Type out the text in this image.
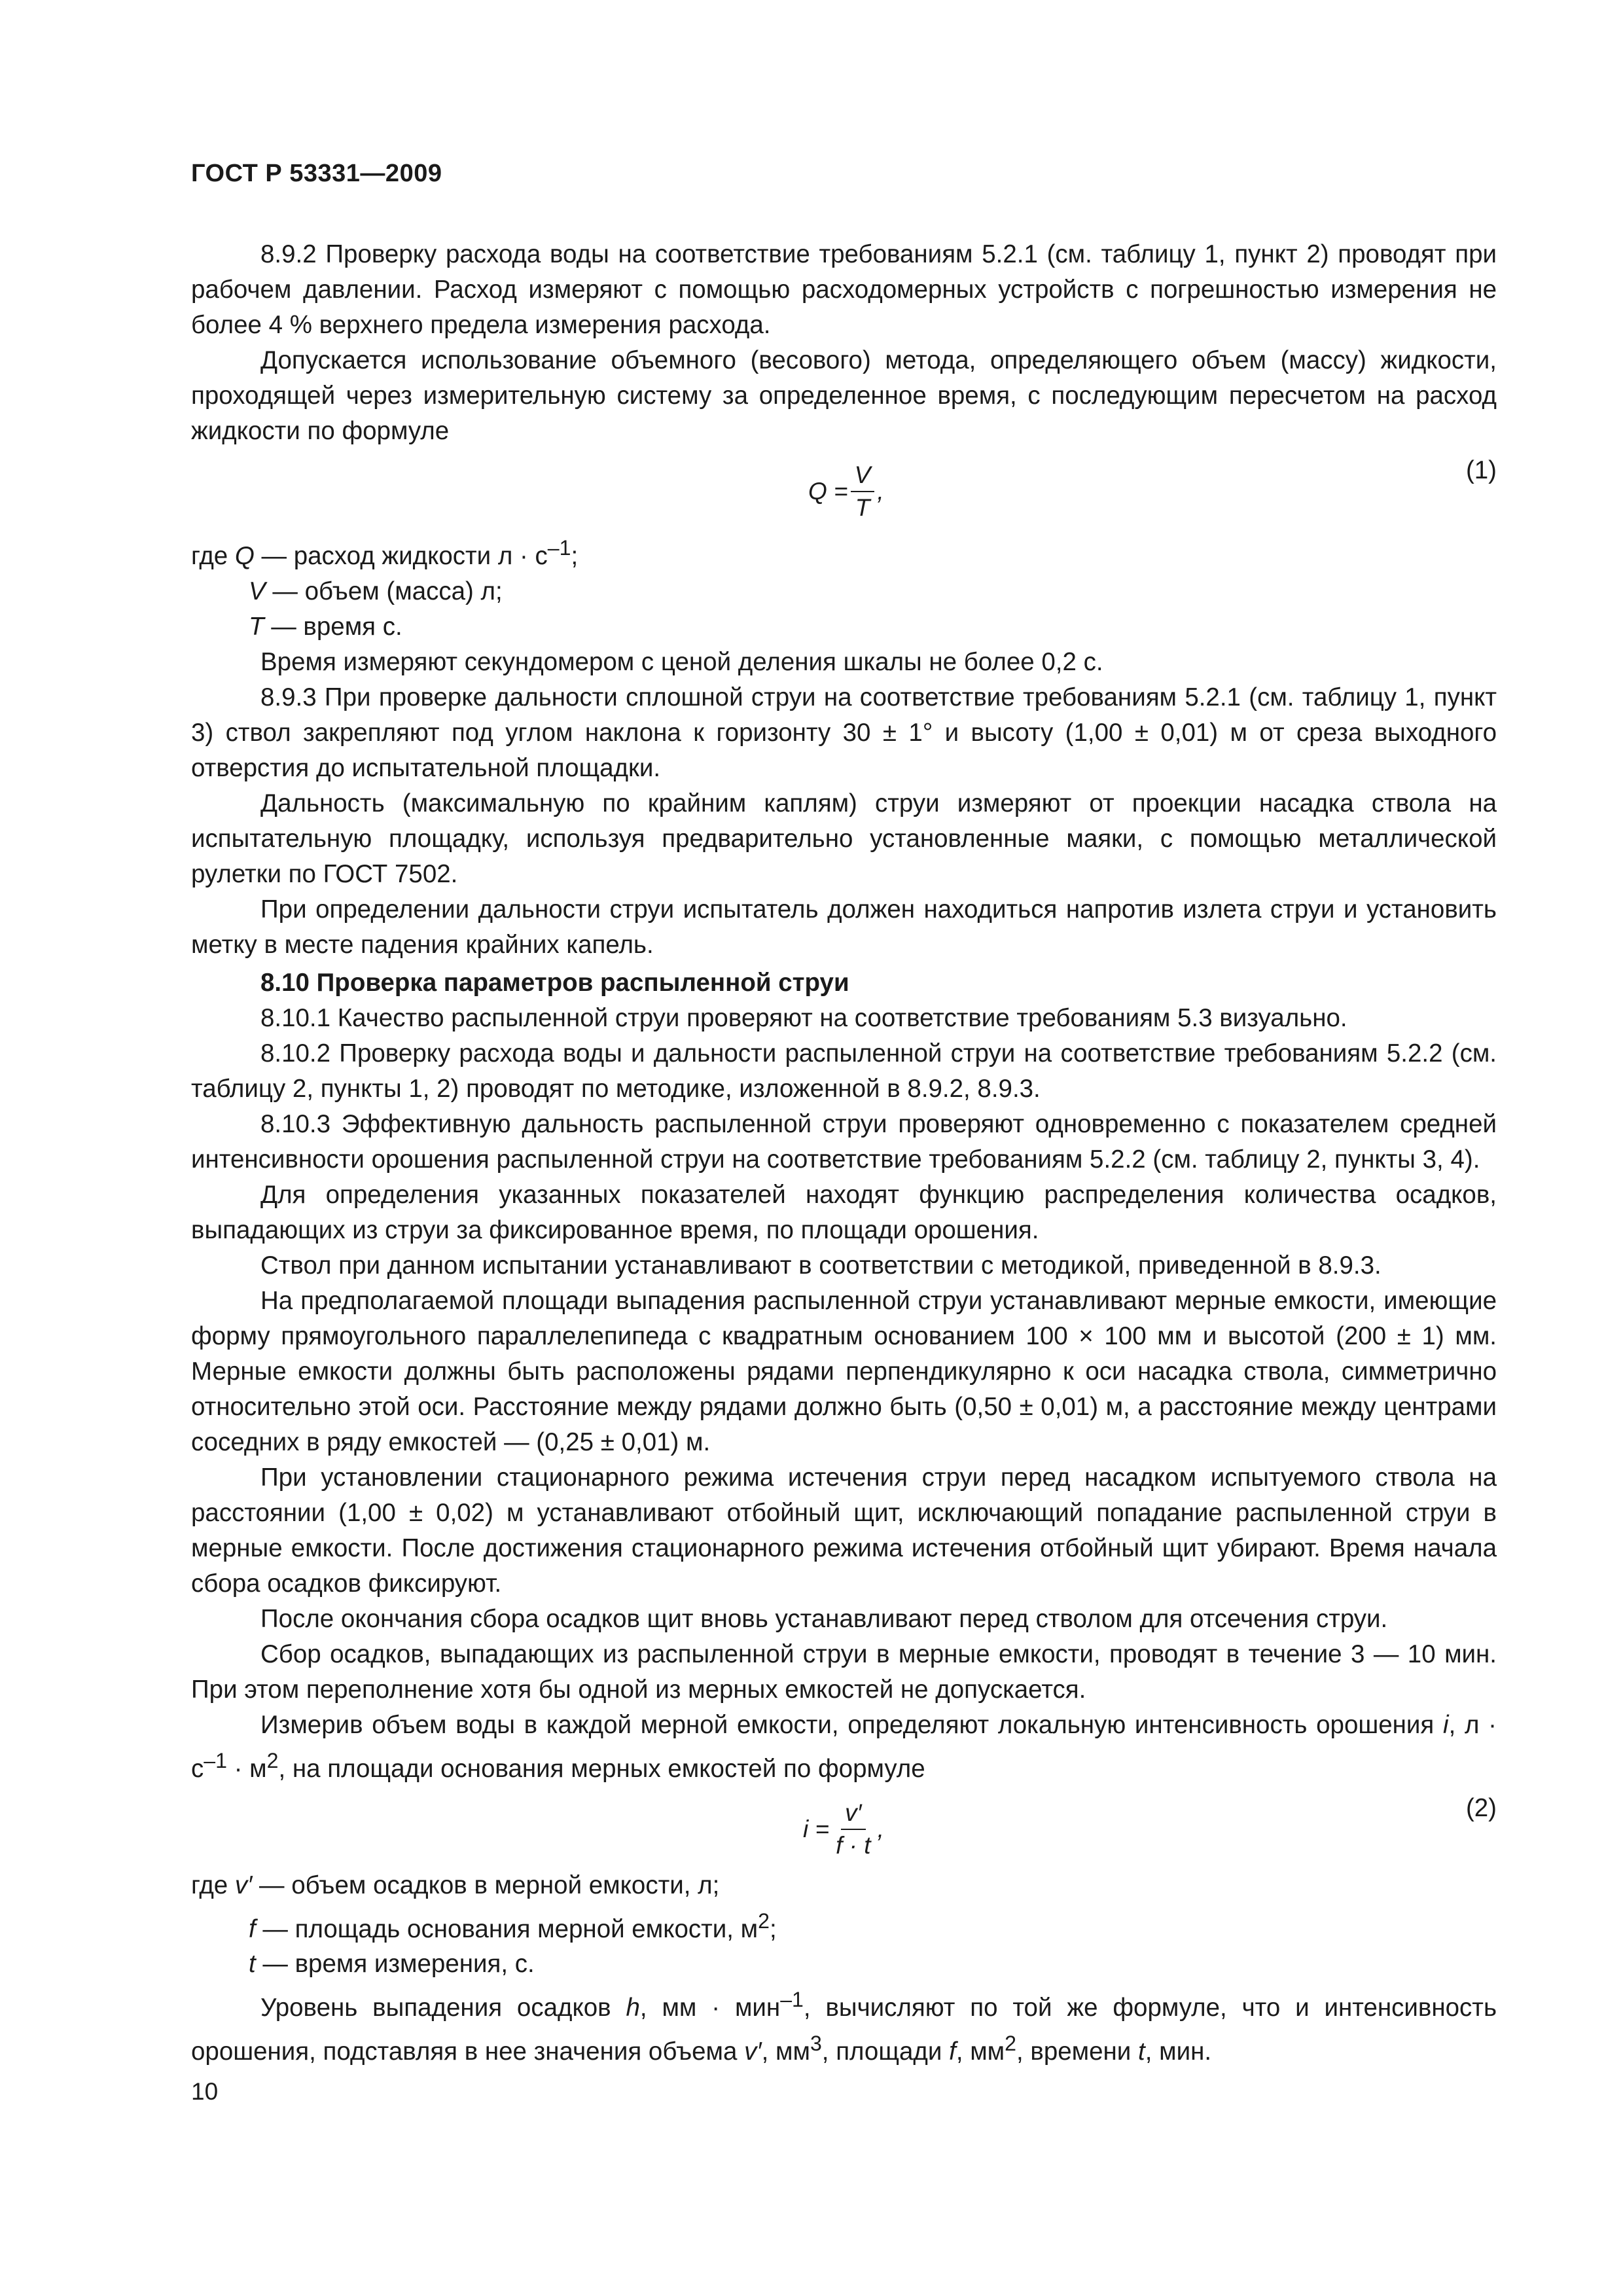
ГОСТ Р 53331—2009

8.9.2 Проверку расхода воды на соответствие требованиям 5.2.1 (см. таблицу 1, пункт 2) проводят при рабочем давлении. Расход измеряют с помощью расходомерных устройств с погрешностью измерения не более 4 % верхнего предела измерения расхода.

Допускается использование объемного (весового) метода, определяющего объем (массу) жидкости, проходящей через измерительную систему за определенное время, с последующим пересчетом на расход жидкости по формуле

$Q = \frac{V}{T}$ ,
(1)

где Q — расход жидкости $л \cdot с^{-1}$;

V — объем (масса) л;

T — время с.

Время измеряют секундомером с ценой деления шкалы не более 0,2 с.

8.9.3 При проверке дальности сплошной струи на соответствие требованиям 5.2.1 (см. таблицу 1, пункт 3) ствол закрепляют под углом наклона к горизонту 30 ± 1° и высоту (1,00 ± 0,01) м от среза выходного отверстия до испытательной площадки.

Дальность (максимальную по крайним каплям) струи измеряют от проекции насадка ствола на испытательную площадку, используя предварительно установленные маяки, с помощью металлической рулетки по ГОСТ 7502.

При определении дальности струи испытатель должен находиться напротив излета струи и установить метку в месте падения крайних капель.

8.10 Проверка параметров распыленной струи

8.10.1 Качество распыленной струи проверяют на соответствие требованиям 5.3 визуально.

8.10.2 Проверку расхода воды и дальности распыленной струи на соответствие требованиям 5.2.2 (см. таблицу 2, пункты 1, 2) проводят по методике, изложенной в 8.9.2, 8.9.3.

8.10.3 Эффективную дальность распыленной струи проверяют одновременно с показателем средней интенсивности орошения распыленной струи на соответствие требованиям 5.2.2 (см. таблицу 2, пункты 3, 4).

Для определения указанных показателей находят функцию распределения количества осадков, выпадающих из струи за фиксированное время, по площади орошения.

Ствол при данном испытании устанавливают в соответствии с методикой, приведенной в 8.9.3.

На предполагаемой площади выпадения распыленной струи устанавливают мерные емкости, имеющие форму прямоугольного параллелепипеда с квадратным основанием 100 × 100 мм и высотой (200 ± 1) мм. Мерные емкости должны быть расположены рядами перпендикулярно к оси насадка ствола, симметрично относительно этой оси. Расстояние между рядами должно быть (0,50 ± 0,01) м, а расстояние между центрами соседних в ряду емкостей — (0,25 ± 0,01) м.

При установлении стационарного режима истечения струи перед насадком испытуемого ствола на расстоянии (1,00 ± 0,02) м устанавливают отбойный щит, исключающий попадание распыленной струи в мерные емкости. После достижения стационарного режима истечения отбойный щит убирают. Время начала сбора осадков фиксируют.

После окончания сбора осадков щит вновь устанавливают перед стволом для отсечения струи.

Сбор осадков, выпадающих из распыленной струи в мерные емкости, проводят в течение 3 — 10 мин. При этом переполнение хотя бы одной из мерных емкостей не допускается.

Измерив объем воды в каждой мерной емкости, определяют локальную интенсивность орошения i, $л \cdot с^{-1} \cdot м^2$, на площади основания мерных емкостей по формуле

$i = \frac{v'}{f \cdot t}$ ,
(2)

где v′ — объем осадков в мерной емкости, л;

f — площадь основания мерной емкости, $м^2$;

t — время измерения, с.

Уровень выпадения осадков h, мм · мин$^{-1}$, вычисляют по той же формуле, что и интенсивность орошения, подставляя в нее значения объема v′, $мм^3$, площади f, $мм^2$, времени t, мин.

10
